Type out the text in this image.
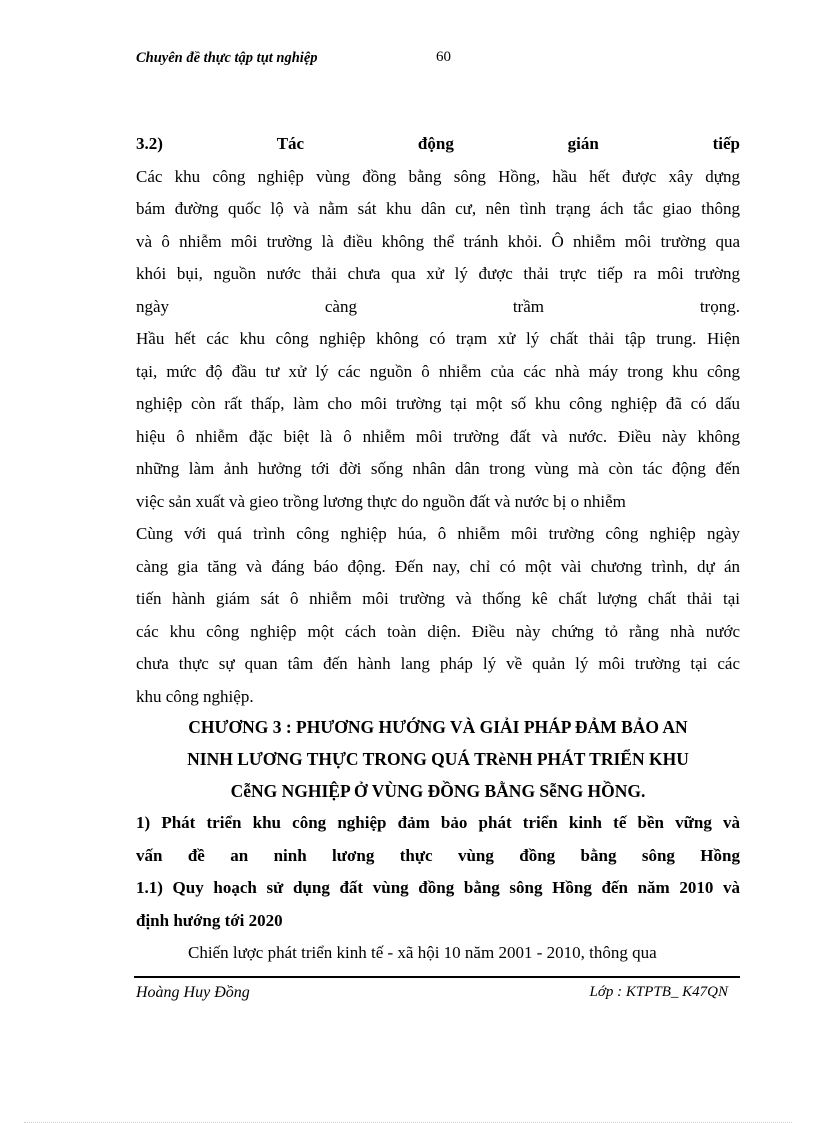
Chuyên đề thực tập tụt nghiệp	60
3.2)	Tác	động	gián	tiếp
Các khu công nghiệp vùng đồng bằng sông Hồng, hầu hết được xây dựng
bám đường quốc lộ và nằm sát khu dân cư, nên tình trạng ách tắc giao thông
và ô nhiễm môi trường là điều không thể tránh khỏi. Ô nhiễm môi trường qua
khói bụi, nguồn nước thải chưa qua xử lý được thải trực tiếp ra môi trường
ngày	càng	trầm	trọng.
Hầu hết các khu công nghiệp không có trạm xử lý chất thải tập trung. Hiện
tại, mức độ đầu tư xử lý các nguồn ô nhiễm của các nhà máy trong khu công
nghiệp còn rất thấp, làm cho môi trường tại một số khu công nghiệp đã có dấu
hiệu ô nhiễm đặc biệt là ô nhiễm môi trường đất và nước. Điều này không
những làm ảnh hưởng tới đời sống nhân dân trong vùng mà còn tác động đến
việc sản xuất và gieo trồng lương thực do nguồn đất và nước bị o nhiễm
Cùng với quá trình công nghiệp húa, ô nhiễm môi trường công nghiệp ngày
càng gia tăng và đáng báo động. Đến nay, chỉ có một vài chương trình, dự án
tiến hành giám sát ô nhiễm môi trường và thống kê chất lượng chất thải tại
các khu công nghiệp một cách toàn diện. Điều này chứng tỏ rằng nhà nước
chưa thực sự quan tâm đến hành lang pháp lý về quản lý môi trường tại các
khu công nghiệp.
CHƯƠNG 3 : PHƯƠNG HƯỚNG VÀ GIẢI PHÁP ĐẢM BẢO AN
NINH LƯƠNG THỰC TRONG QUÁ TRèNH PHÁT TRIỂN KHU
CễNG NGHIỆP Ở VÙNG ĐỒNG BẰNG SễNG HỒNG.
1) Phát triển khu công nghiệp đảm bảo phát triển kinh tế bền vững và
vấn đề an ninh lương thực vùng đồng bằng sông Hồng
1.1) Quy hoạch sử dụng đất vùng đồng bằng sông Hồng đến năm 2010 và
định hướng tới 2020
Chiến lược phát triển kinh tế - xã hội 10 năm 2001 - 2010, thông qua
Hoàng Huy Đồng	Lớp : KTPTB_ K47QN
